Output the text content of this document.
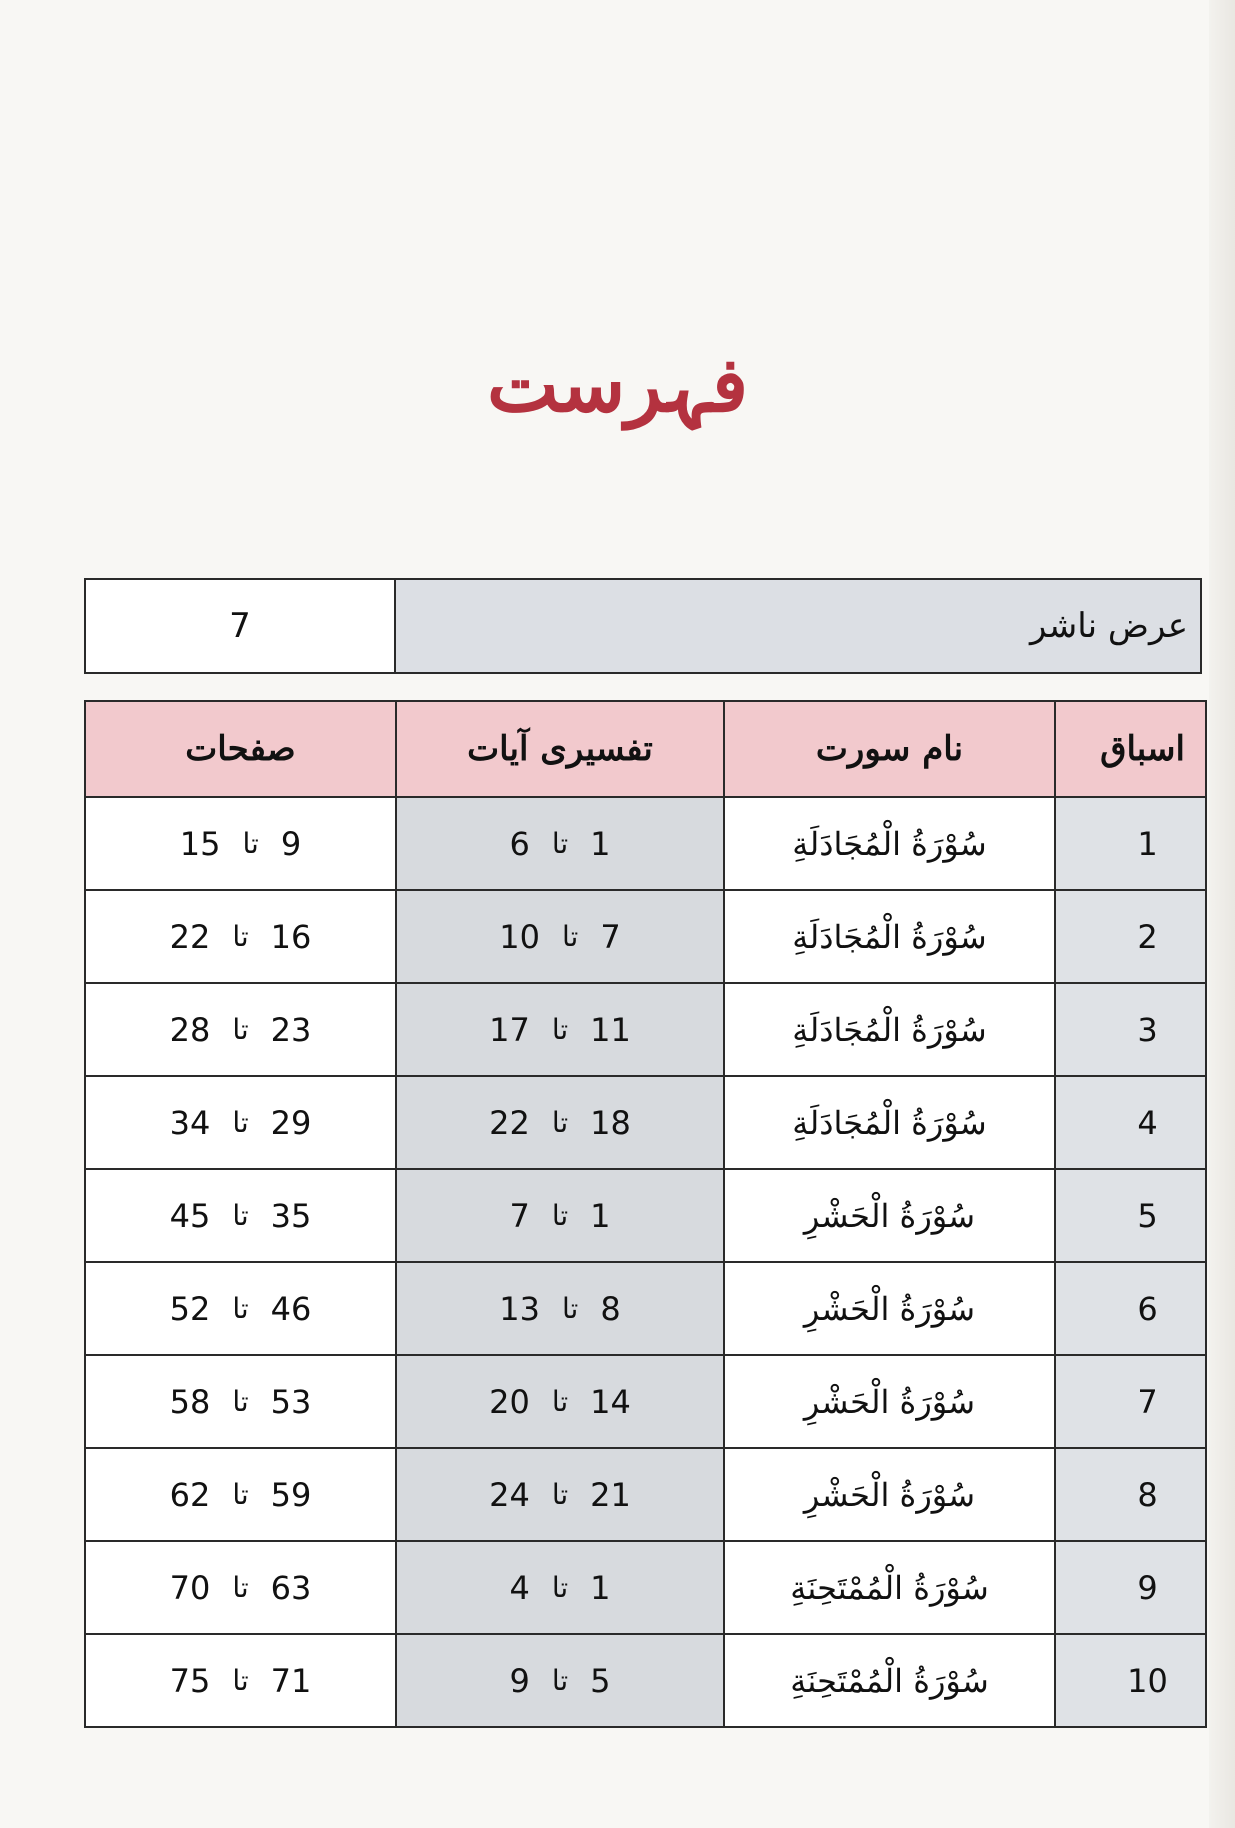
فہرست
7	عرض ناشر
صفحات	تفسیری آیات	نام سورت	اسباق

15 تا 9	6 تا 1	سُوْرَةُ الْمُجَادَلَةِ	1

22 تا 16	10 تا 7	سُوْرَةُ الْمُجَادَلَةِ	2

28 تا 23	17 تا 11	سُوْرَةُ الْمُجَادَلَةِ	3

34 تا 29	22 تا 18	سُوْرَةُ الْمُجَادَلَةِ	4

45 تا 35	7 تا 1	سُوْرَةُ الْحَشْرِ	5

52 تا 46	13 تا 8	سُوْرَةُ الْحَشْرِ	6

58 تا 53	20 تا 14	سُوْرَةُ الْحَشْرِ	7

62 تا 59	24 تا 21	سُوْرَةُ الْحَشْرِ	8

70 تا 63	4 تا 1	سُوْرَةُ الْمُمْتَحِنَةِ	9

75 تا 71	9 تا 5	سُوْرَةُ الْمُمْتَحِنَةِ	10
